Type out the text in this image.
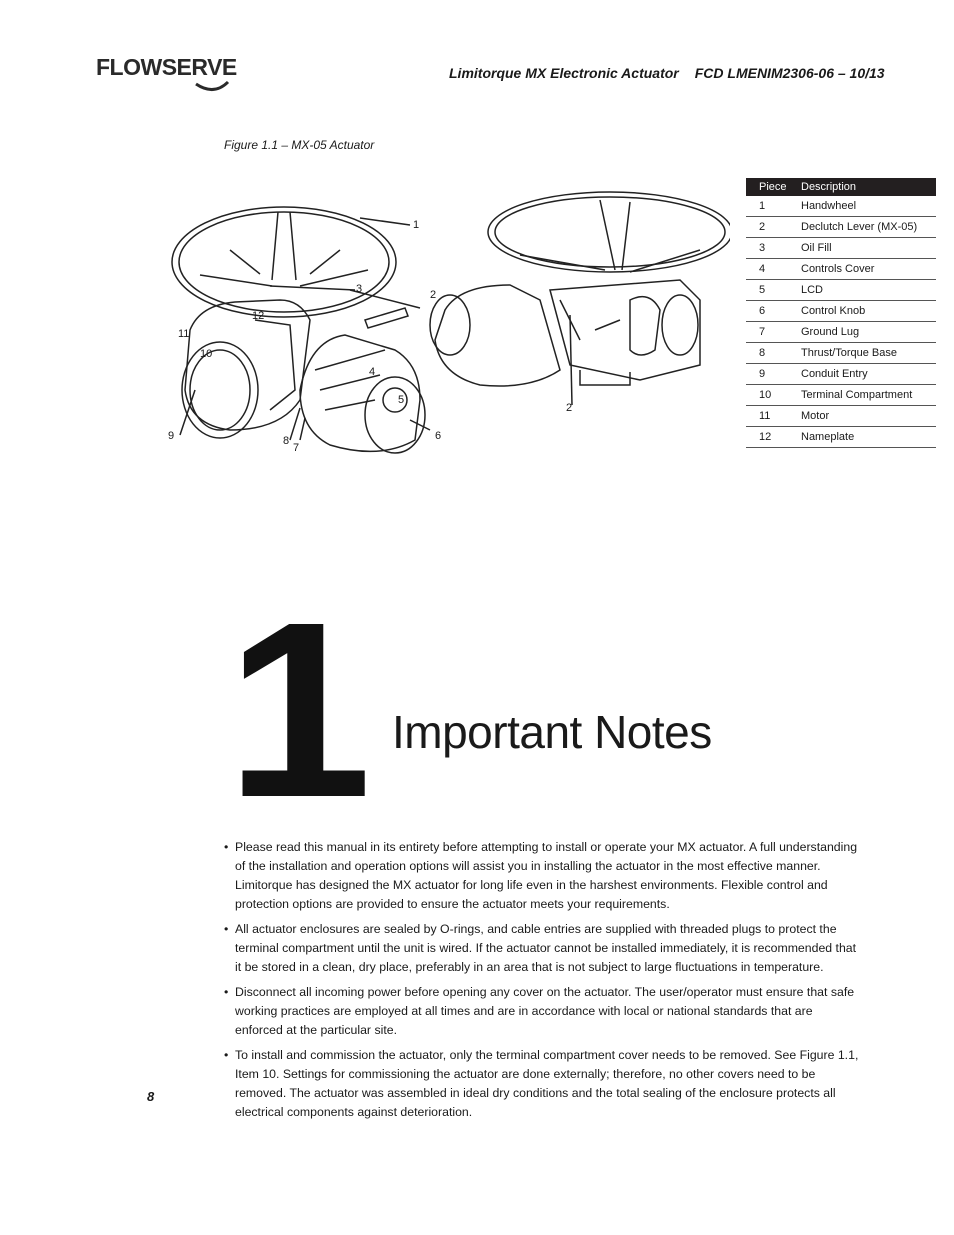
FLOWSERVE	Limitorque MX Electronic Actuator FCD LMENIM2306-06 – 10/13
Figure 1.1 – MX-05 Actuator
1
2
3
12
11
10
9	8
7
4
5
6
2
Piece	Description
1	Handwheel
2	Declutch Lever (MX-05)
3	Oil Fill
4	Controls Cover
5	LCD
6	Control Knob
7	Ground Lug
8	Thrust/Torque Base
9	Conduit Entry
10	Terminal Compartment
11	Motor
12	Nameplate
1 Important Notes
• Please read this manual in its entirety before attempting to install or operate your MX actuator. A full understanding of the installation and operation options will assist you in installing the actuator in the most effective manner. Limitorque has designed the MX actuator for long life even in the harshest environments. Flexible control and protection options are provided to ensure the actuator meets your requirements.
• All actuator enclosures are sealed by O-rings, and cable entries are supplied with threaded plugs to protect the terminal compartment until the unit is wired. If the actuator cannot be installed immediately, it is recommended that it be stored in a clean, dry place, preferably in an area that is not subject to large fluctuations in temperature.
• Disconnect all incoming power before opening any cover on the actuator. The user/operator must ensure that safe working practices are employed at all times and are in accordance with local or national standards that are enforced at the particular site.
• To install and commission the actuator, only the terminal compartment cover needs to be removed. See Figure 1.1, Item 10. Settings for commissioning the actuator are done externally; therefore, no other covers need to be removed. The actuator was assembled in ideal dry conditions and the total sealing of the enclosure protects all electrical components against deterioration.
8
